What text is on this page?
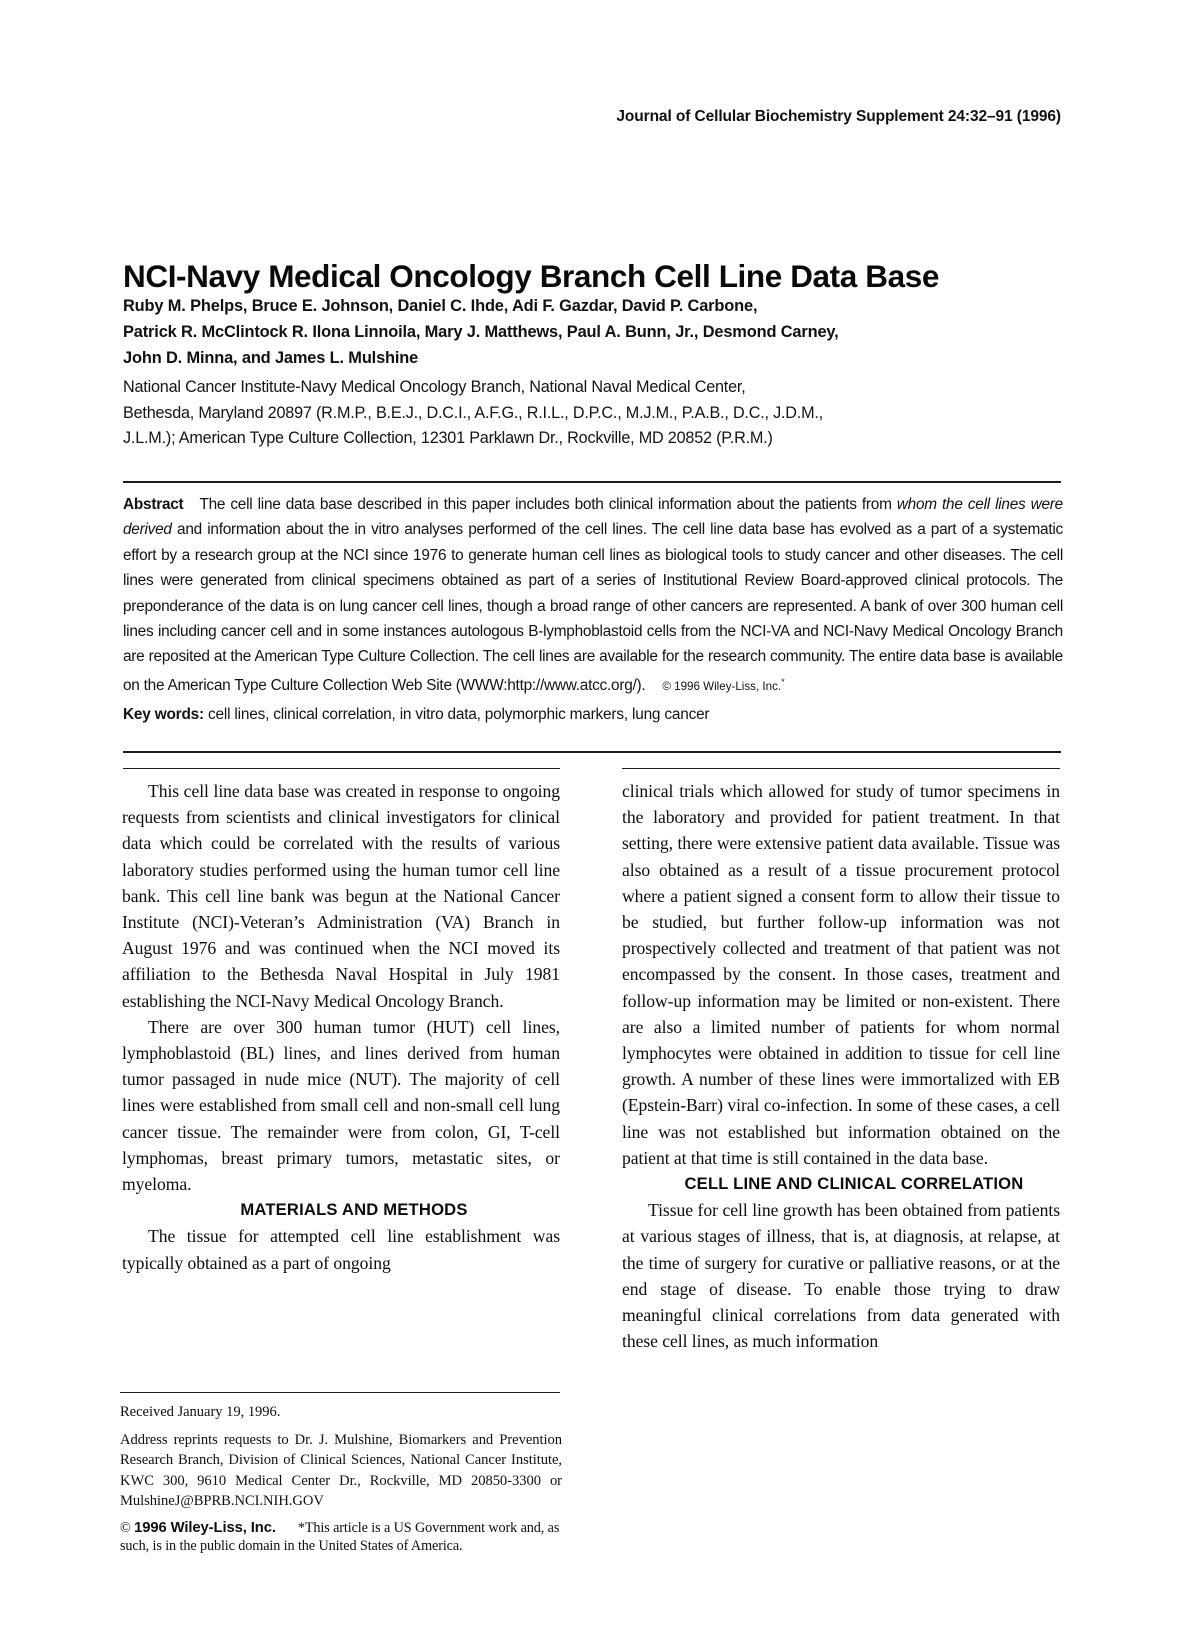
Journal of Cellular Biochemistry Supplement 24:32–91 (1996)
NCI-Navy Medical Oncology Branch Cell Line Data Base
Ruby M. Phelps, Bruce E. Johnson, Daniel C. Ihde, Adi F. Gazdar, David P. Carbone,
Patrick R. McClintock R. Ilona Linnoila, Mary J. Matthews, Paul A. Bunn, Jr., Desmond Carney,
John D. Minna, and James L. Mulshine
National Cancer Institute-Navy Medical Oncology Branch, National Naval Medical Center,
Bethesda, Maryland 20897 (R.M.P., B.E.J., D.C.I., A.F.G., R.I.L., D.P.C., M.J.M., P.A.B., D.C., J.D.M.,
J.L.M.); American Type Culture Collection, 12301 Parklawn Dr., Rockville, MD 20852 (P.R.M.)
Abstract The cell line data base described in this paper includes both clinical information about the patients from whom the cell lines were derived and information about the in vitro analyses performed of the cell lines. The cell line data base has evolved as a part of a systematic effort by a research group at the NCI since 1976 to generate human cell lines as biological tools to study cancer and other diseases. The cell lines were generated from clinical specimens obtained as part of a series of Institutional Review Board-approved clinical protocols. The preponderance of the data is on lung cancer cell lines, though a broad range of other cancers are represented. A bank of over 300 human cell lines including cancer cell and in some instances autologous B-lymphoblastoid cells from the NCI-VA and NCI-Navy Medical Oncology Branch are reposited at the American Type Culture Collection. The cell lines are available for the research community. The entire data base is available on the American Type Culture Collection Web Site (WWW:http://www.atcc.org/). © 1996 Wiley-Liss, Inc.*
Key words: cell lines, clinical correlation, in vitro data, polymorphic markers, lung cancer

This cell line data base was created in response to ongoing requests from scientists and clinical investigators for clinical data which could be correlated with the results of various laboratory studies performed using the human tumor cell line bank. This cell line bank was begun at the National Cancer Institute (NCI)-Veteran’s Administration (VA) Branch in August 1976 and was continued when the NCI moved its affiliation to the Bethesda Naval Hospital in July 1981 establishing the NCI-Navy Medical Oncology Branch.

There are over 300 human tumor (HUT) cell lines, lymphoblastoid (BL) lines, and lines derived from human tumor passaged in nude mice (NUT). The majority of cell lines were established from small cell and non-small cell lung cancer tissue. The remainder were from colon, GI, T-cell lymphomas, breast primary tumors, metastatic sites, or myeloma.

MATERIALS AND METHODS

The tissue for attempted cell line establishment was typically obtained as a part of ongoing

clinical trials which allowed for study of tumor specimens in the laboratory and provided for patient treatment. In that setting, there were extensive patient data available. Tissue was also obtained as a result of a tissue procurement protocol where a patient signed a consent form to allow their tissue to be studied, but further follow-up information was not prospectively collected and treatment of that patient was not encompassed by the consent. In those cases, treatment and follow-up information may be limited or non-existent. There are also a limited number of patients for whom normal lymphocytes were obtained in addition to tissue for cell line growth. A number of these lines were immortalized with EB (Epstein-Barr) viral co-infection. In some of these cases, a cell line was not established but information obtained on the patient at that time is still contained in the data base.

CELL LINE AND CLINICAL CORRELATION

Tissue for cell line growth has been obtained from patients at various stages of illness, that is, at diagnosis, at relapse, at the time of surgery for curative or palliative reasons, or at the end stage of disease. To enable those trying to draw meaningful clinical correlations from data generated with these cell lines, as much information

Received January 19, 1996.

Address reprints requests to Dr. J. Mulshine, Biomarkers and Prevention Research Branch, Division of Clinical Sciences, National Cancer Institute, KWC 300, 9610 Medical Center Dr., Rockville, MD 20850-3300 or MulshineJ@BPRB.NCI.NIH.GOV

© 1996 Wiley-Liss, Inc. *This article is a US Government work and, as such, is in the public domain in the United States of America.
